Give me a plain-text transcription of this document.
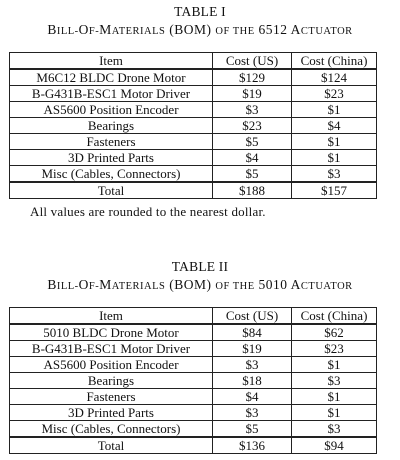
TABLE I
BILL-OF-MATERIALS (BOM) OF THE 6512 ACTUATOR
Item	Cost (US)	Cost (China)
M6C12 BLDC Drone Motor	$129	$124
B-G431B-ESC1 Motor Driver	$19	$23
AS5600 Position Encoder	$3	$1
Bearings	$23	$4
Fasteners	$5	$1
3D Printed Parts	$4	$1
Misc (Cables, Connectors)	$5	$3
Total	$188	$157
All values are rounded to the nearest dollar.
TABLE II
BILL-OF-MATERIALS (BOM) OF THE 5010 ACTUATOR
Item	Cost (US)	Cost (China)
5010 BLDC Drone Motor	$84	$62
B-G431B-ESC1 Motor Driver	$19	$23
AS5600 Position Encoder	$3	$1
Bearings	$18	$3
Fasteners	$4	$1
3D Printed Parts	$3	$1
Misc (Cables, Connectors)	$5	$3
Total	$136	$94
